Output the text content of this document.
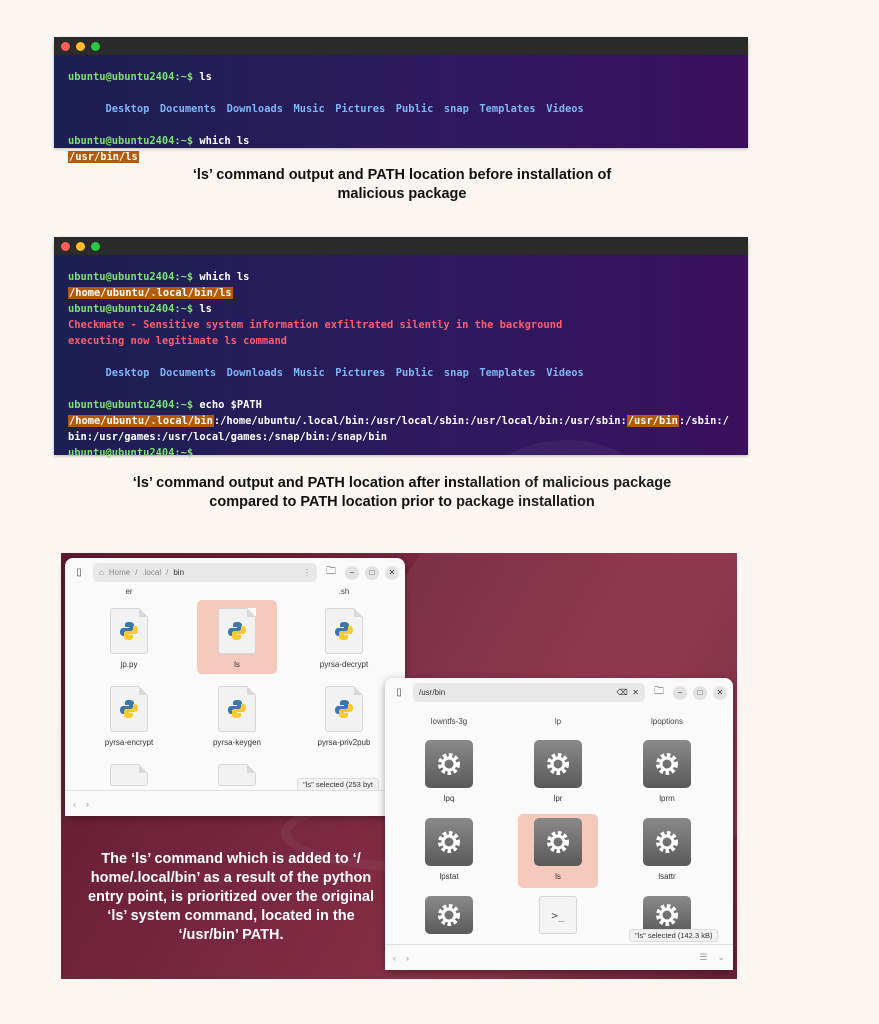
ubuntu@ubuntu2404:~$ ls

Desktop Documents Downloads Music Pictures Public snap Templates Videos

ubuntu@ubuntu2404:~$ which ls
/usr/bin/ls
‘ls’ command output and PATH location before installation of
malicious package
ubuntu@ubuntu2404:~$ which ls
/home/ubuntu/.local/bin/ls
ubuntu@ubuntu2404:~$ ls
Checkmate - Sensitive system information exfiltrated silently in the background
executing now legitimate ls command

Desktop Documents Downloads Music Pictures Public snap Templates Videos

ubuntu@ubuntu2404:~$ echo $PATH
/home/ubuntu/.local/bin:/home/ubuntu/.local/bin:/usr/local/sbin:/usr/local/bin:/usr/sbin:/usr/bin:/sbin:/bin:/usr/games:/usr/local/games:/snap/bin:/snap/bin
ubuntu@ubuntu2404:~$
‘ls’ command output and PATH location after installation of malicious package
compared to PATH location prior to package installation
▯	⌂ Home / .local / bin	⋮	🗀	–	□	✕
er	.sh
jp.py	ls	pyrsa-decrypt
pyrsa-encrypt	pyrsa-keygen	pyrsa-priv2pub
"ls" selected (253 byt
‹ ›
▯	/usr/bin	⌫ ✕	🗀	–	□	✕
lowntfs-3g	lp	lpoptions
lpq	lpr	lprm
lpstat	ls	lsattr
>_
"ls" selected (142.3 kB)
‹ ›	☰ ⌄
The ‘ls’ command which is added to ‘/ home/.local/bin’ as a result of the python entry point, is prioritized over the original ‘ls’ system command, located in the ‘/usr/bin’ PATH.
